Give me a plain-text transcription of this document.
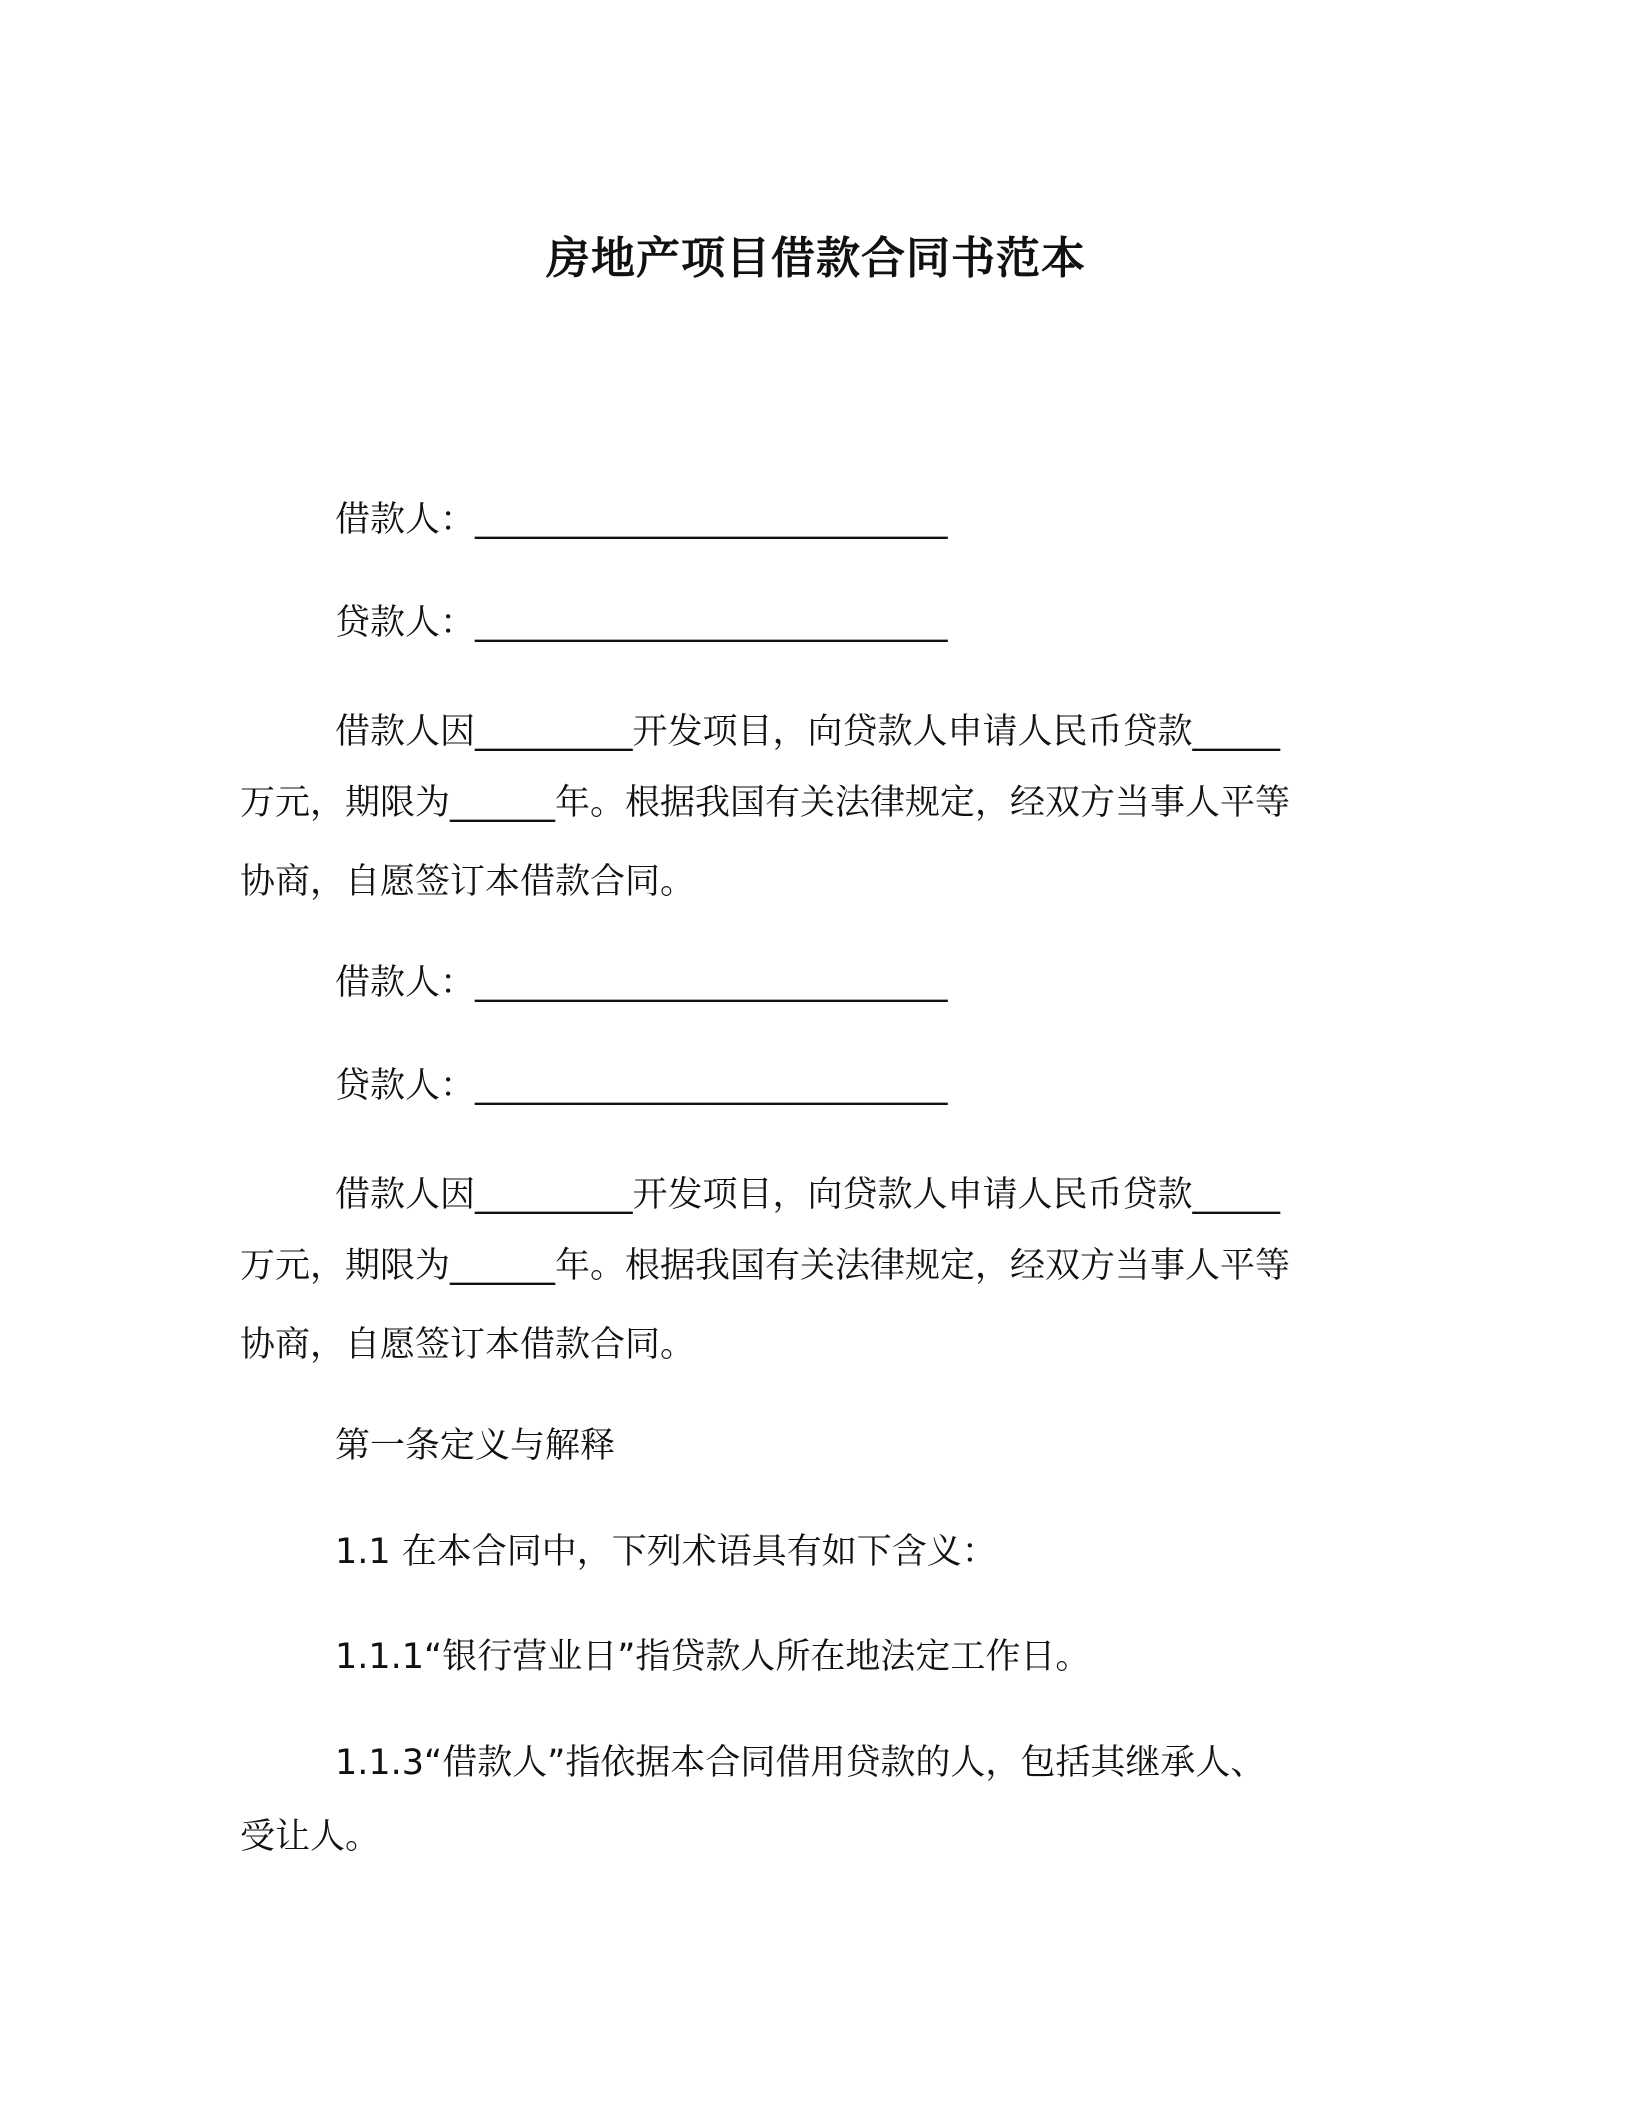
房地产项目借款合同书范本
借款人：___________________________
贷款人：___________________________
借款人因_________开发项目，向贷款人申请人民币贷款_____
万元，期限为______年。根据我国有关法律规定，经双方当事人平等
协商，自愿签订本借款合同。
借款人：___________________________
贷款人：___________________________
借款人因_________开发项目，向贷款人申请人民币贷款_____
万元，期限为______年。根据我国有关法律规定，经双方当事人平等
协商，自愿签订本借款合同。
第一条定义与解释
1.1 在本合同中，下列术语具有如下含义：
1.1.1“银行营业日”指贷款人所在地法定工作日。
1.1.3“借款人”指依据本合同借用贷款的人，包括其继承人、
受让人。
